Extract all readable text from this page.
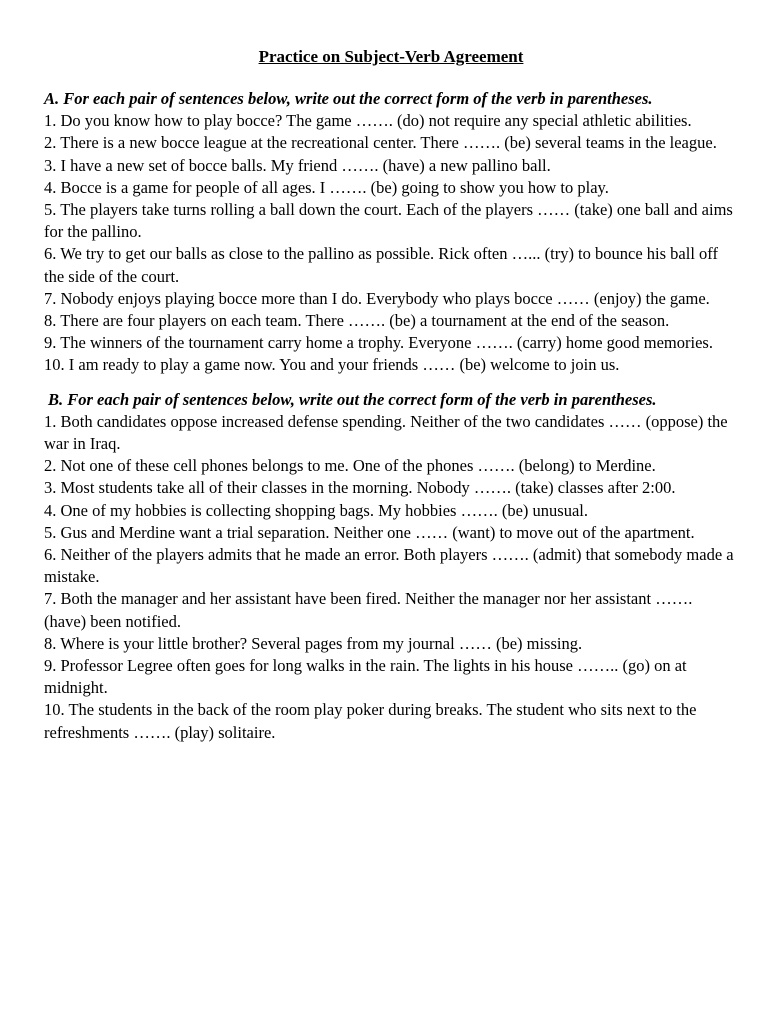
Practice on Subject-Verb Agreement

A. For each pair of sentences below, write out the correct form of the verb in parentheses.

1. Do you know how to play bocce? The game ……. (do) not require any special athletic abilities.
2. There is a new bocce league at the recreational center. There ……. (be) several teams in the league.
3. I have a new set of bocce balls. My friend ……. (have) a new pallino ball.
4. Bocce is a game for people of all ages. I ……. (be) going to show you how to play.
5. The players take turns rolling a ball down the court. Each of the players …… (take) one ball and aims for the pallino.
6. We try to get our balls as close to the pallino as possible. Rick often …... (try) to bounce his ball off the side of the court.
7. Nobody enjoys playing bocce more than I do. Everybody who plays bocce …… (enjoy) the game.
8. There are four players on each team. There ……. (be) a tournament at the end of the season.
9. The winners of the tournament carry home a trophy. Everyone ……. (carry) home good memories.
10. I am ready to play a game now. You and your friends …… (be) welcome to join us.

B. For each pair of sentences below, write out the correct form of the verb in parentheses.

1. Both candidates oppose increased defense spending. Neither of the two candidates …… (oppose) the war in Iraq.
2. Not one of these cell phones belongs to me. One of the phones ……. (belong) to Merdine.
3. Most students take all of their classes in the morning. Nobody ……. (take) classes after 2:00.
4. One of my hobbies is collecting shopping bags. My hobbies ……. (be) unusual.
5. Gus and Merdine want a trial separation. Neither one …… (want) to move out of the apartment.
6. Neither of the players admits that he made an error. Both players ……. (admit) that somebody made a mistake.
7. Both the manager and her assistant have been fired. Neither the manager nor her assistant ……. (have) been notified.
8. Where is your little brother? Several pages from my journal …… (be) missing.
9. Professor Legree often goes for long walks in the rain. The lights in his house …….. (go) on at midnight.
10. The students in the back of the room play poker during breaks. The student who sits next to the refreshments ……. (play) solitaire.
